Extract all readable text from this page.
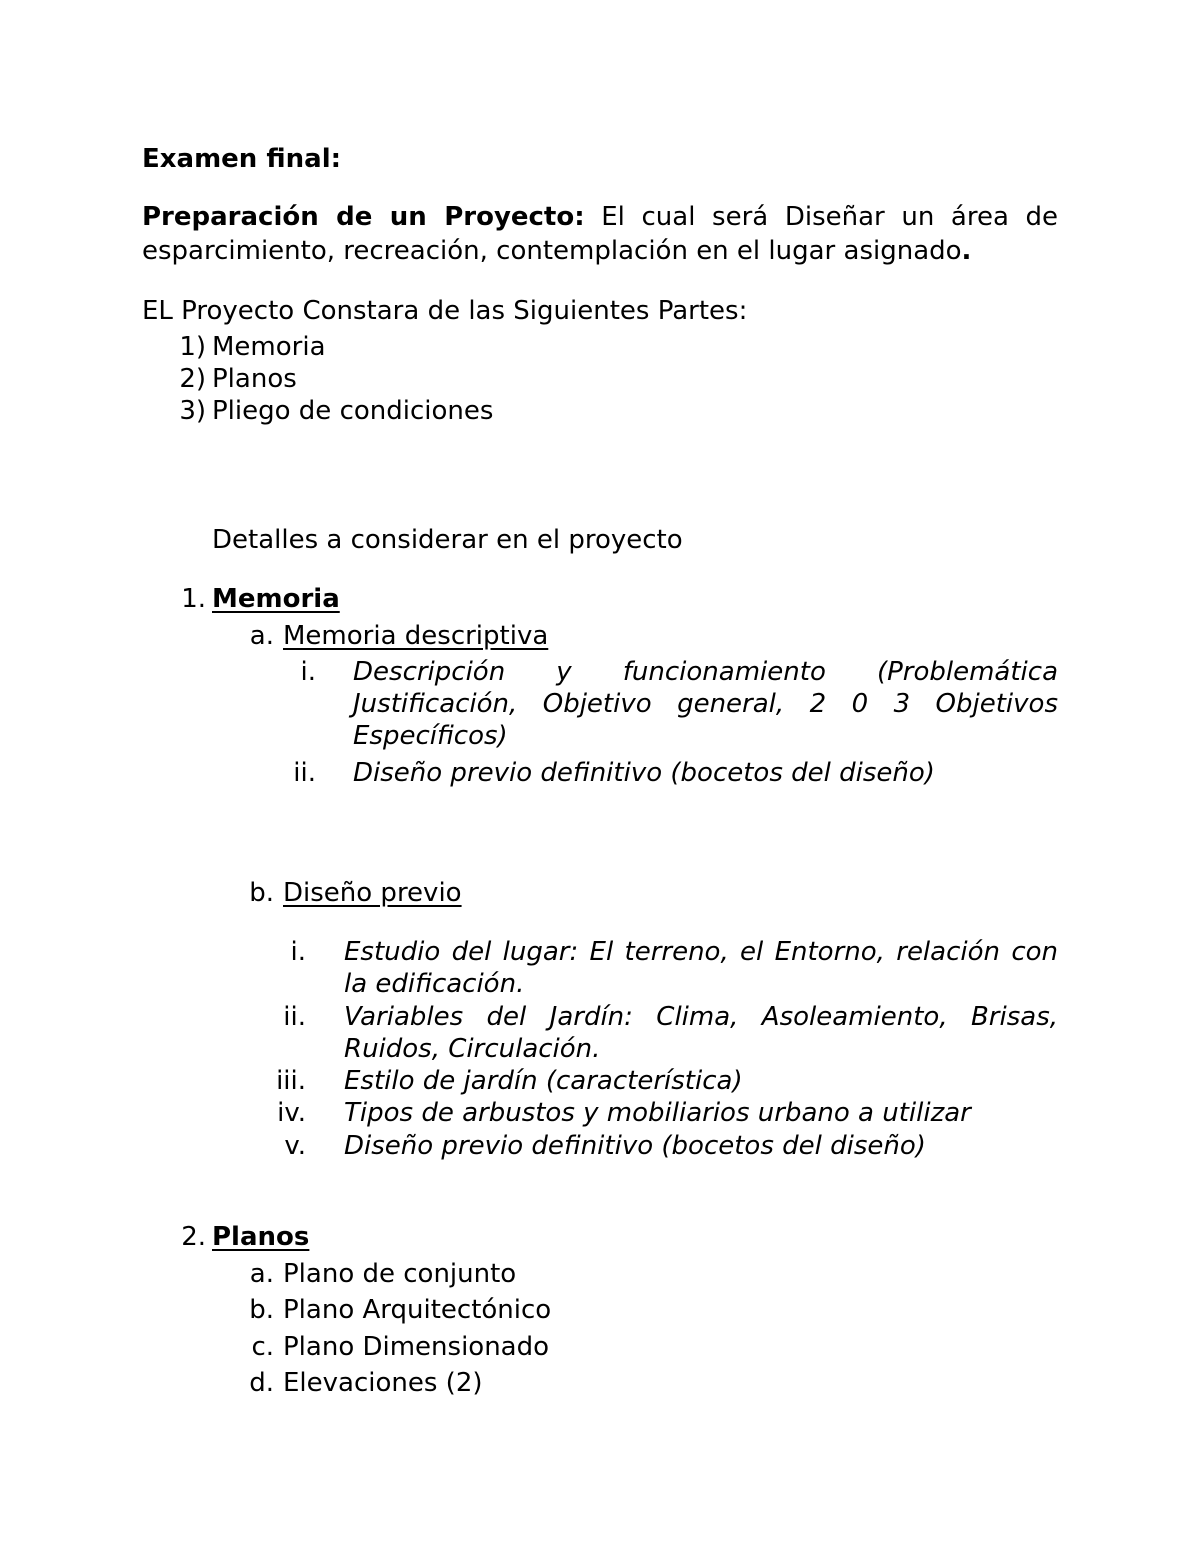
Examen final:
Preparación de un Proyecto: El cual será Diseñar un área de
esparcimiento, recreación, contemplación en el lugar asignado.
EL Proyecto Constara de las Siguientes Partes:
1) Memoria
2) Planos
3) Pliego de condiciones
Detalles a considerar en el proyecto
1. Memoria
a. Memoria descriptiva
i. Descripción y funcionamiento (Problemática
Justificación, Objetivo general, 2 0 3 Objetivos
Específicos)
ii. Diseño previo definitivo (bocetos del diseño)
b. Diseño previo
i. Estudio del lugar: El terreno, el Entorno, relación con
la edificación.
ii. Variables del Jardín: Clima, Asoleamiento, Brisas,
Ruidos, Circulación.
iii. Estilo de jardín (característica)
iv. Tipos de arbustos y mobiliarios urbano a utilizar
v. Diseño previo definitivo (bocetos del diseño)
2. Planos
a. Plano de conjunto
b. Plano Arquitectónico
c. Plano Dimensionado
d. Elevaciones (2)
